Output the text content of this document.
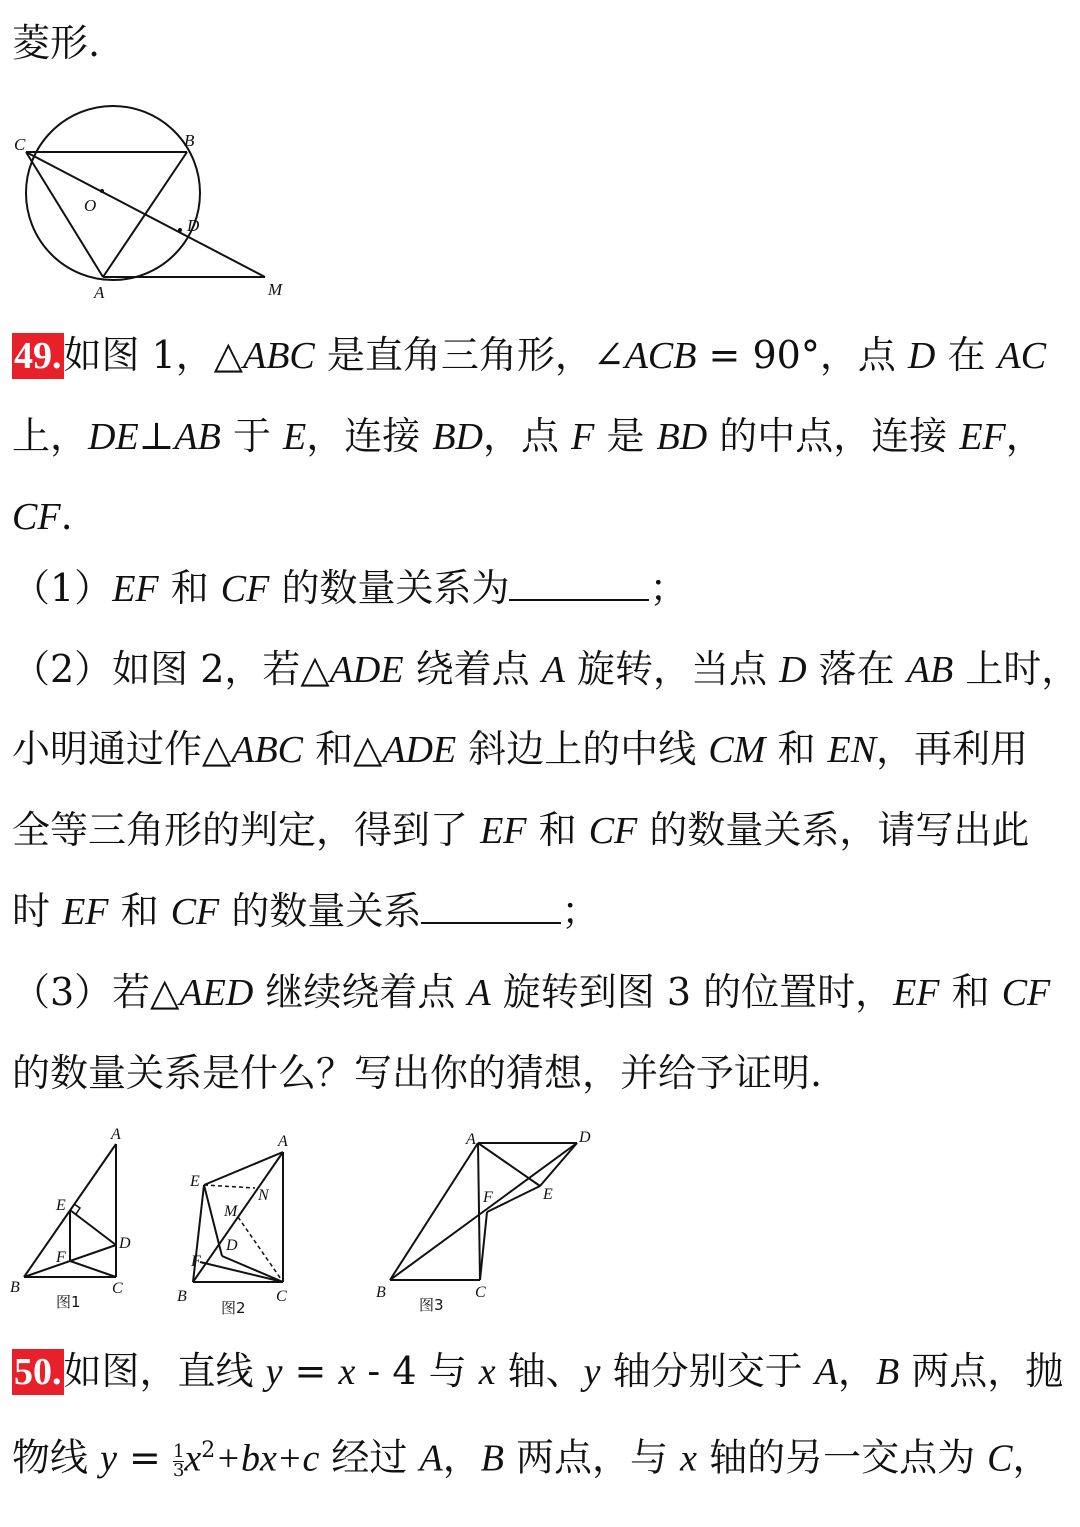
菱形.
C	B
O
D
A	M
49.如图 1，△ABC 是直角三角形，∠ACB = 90°，点 D 在 AC
上，DE⊥AB 于 E，连接 BD，点 F 是 BD 的中点，连接 EF，
CF.
（1）EF 和 CF 的数量关系为	；
（2）如图 2，若△ADE 绕着点 A 旋转，当点 D 落在 AB 上时，
小明通过作△ABC 和△ADE 斜边上的中线 CM 和 EN，再利用
全等三角形的判定，得到了 EF 和 CF 的数量关系，请写出此
时 EF 和 CF 的数量关系	；
（3）若△AED 继续绕着点 A 旋转到图 3 的位置时，EF 和 CF
的数量关系是什么？写出你的猜想，并给予证明.
A
E
D
F
B	C
图1
A
E
N
M
D
F
B	C
图2
A	D
F	E
B	C
图3
50.如图，直线 y = x - 4 与 x 轴、y 轴分别交于 A，B 两点，抛
物线 $y = \frac{1}{3} x^2+bx+c$ 经过 A，B 两点，与 x 轴的另一交点为 C，
